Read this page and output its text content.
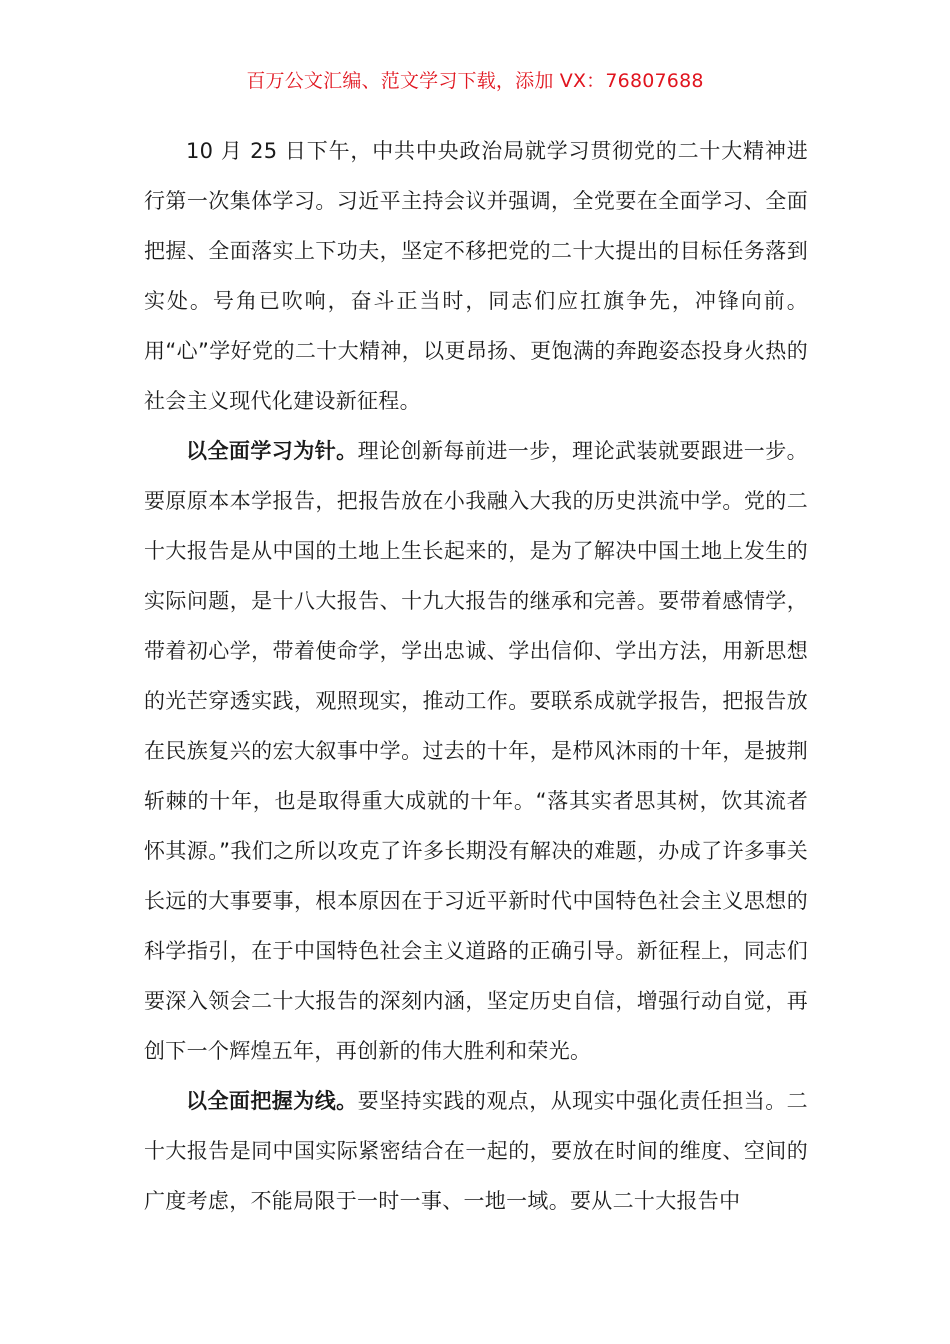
百万公文汇编、范文学习下载，添加 VX：76807688

10 月 25 日下午，中共中央政治局就学习贯彻党的二十大精神进行第一次集体学习。习近平主持会议并强调，全党要在全面学习、全面把握、全面落实上下功夫，坚定不移把党的二十大提出的目标任务落到实处。号角已吹响，奋斗正当时，同志们应扛旗争先，冲锋向前。用“心”学好党的二十大精神，以更昂扬、更饱满的奔跑姿态投身火热的社会主义现代化建设新征程。

以全面学习为针。理论创新每前进一步，理论武装就要跟进一步。要原原本本学报告，把报告放在小我融入大我的历史洪流中学。党的二十大报告是从中国的土地上生长起来的，是为了解决中国土地上发生的实际问题，是十八大报告、十九大报告的继承和完善。要带着感情学，带着初心学，带着使命学，学出忠诚、学出信仰、学出方法，用新思想的光芒穿透实践，观照现实，推动工作。要联系成就学报告，把报告放在民族复兴的宏大叙事中学。过去的十年，是栉风沐雨的十年，是披荆斩棘的十年，也是取得重大成就的十年。“落其实者思其树，饮其流者怀其源。”我们之所以攻克了许多长期没有解决的难题，办成了许多事关长远的大事要事，根本原因在于习近平新时代中国特色社会主义思想的科学指引，在于中国特色社会主义道路的正确引导。新征程上，同志们要深入领会二十大报告的深刻内涵，坚定历史自信，增强行动自觉，再创下一个辉煌五年，再创新的伟大胜利和荣光。

以全面把握为线。要坚持实践的观点，从现实中强化责任担当。二十大报告是同中国实际紧密结合在一起的，要放在时间的维度、空间的广度考虑，不能局限于一时一事、一地一域。要从二十大报告中
